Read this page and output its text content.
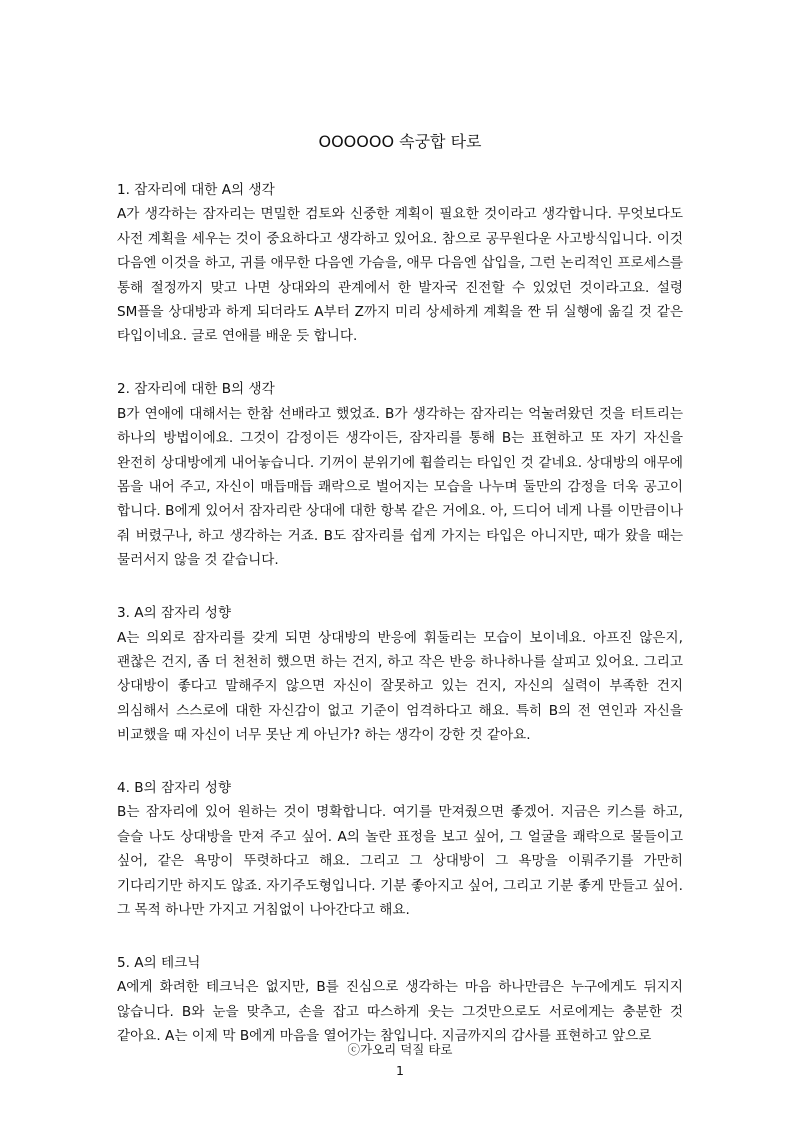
OOOOOO 속궁합 타로

1. 잠자리에 대한 A의 생각

A가 생각하는 잠자리는 면밀한 검토와 신중한 계획이 필요한 것이라고 생각합니다. 무엇보다도 사전 계획을 세우는 것이 중요하다고 생각하고 있어요. 참으로 공무원다운 사고방식입니다. 이것 다음엔 이것을 하고, 귀를 애무한 다음엔 가슴을, 애무 다음엔 삽입을, 그런 논리적인 프로세스를 통해 절정까지 맞고 나면 상대와의 관계에서 한 발자국 진전할 수 있었던 것이라고요. 설령 SM플을 상대방과 하게 되더라도 A부터 Z까지 미리 상세하게 계획을 짠 뒤 실행에 옮길 것 같은 타입이네요. 글로 연애를 배운 듯 합니다.

2. 잠자리에 대한 B의 생각

B가 연애에 대해서는 한참 선배라고 했었죠. B가 생각하는 잠자리는 억눌려왔던 것을 터트리는 하나의 방법이에요. 그것이 감정이든 생각이든, 잠자리를 통해 B는 표현하고 또 자기 자신을 완전히 상대방에게 내어놓습니다. 기꺼이 분위기에 휩쓸리는 타입인 것 같네요. 상대방의 애무에 몸을 내어 주고, 자신이 매듭매듭 쾌락으로 벌어지는 모습을 나누며 둘만의 감정을 더욱 공고이 합니다. B에게 있어서 잠자리란 상대에 대한 항복 같은 거에요. 아, 드디어 네게 나를 이만큼이나 줘 버렸구나, 하고 생각하는 거죠. B도 잠자리를 쉽게 가지는 타입은 아니지만, 때가 왔을 때는 물러서지 않을 것 같습니다.

3. A의 잠자리 성향

A는 의외로 잠자리를 갖게 되면 상대방의 반응에 휘둘리는 모습이 보이네요. 아프진 않은지, 괜찮은 건지, 좀 더 천천히 했으면 하는 건지, 하고 작은 반응 하나하나를 살피고 있어요. 그리고 상대방이 좋다고 말해주지 않으면 자신이 잘못하고 있는 건지, 자신의 실력이 부족한 건지 의심해서 스스로에 대한 자신감이 없고 기준이 엄격하다고 해요. 특히 B의 전 연인과 자신을 비교했을 때 자신이 너무 못난 게 아닌가? 하는 생각이 강한 것 같아요.

4. B의 잠자리 성향

B는 잠자리에 있어 원하는 것이 명확합니다. 여기를 만져줬으면 좋겠어. 지금은 키스를 하고, 슬슬 나도 상대방을 만져 주고 싶어. A의 놀란 표정을 보고 싶어, 그 얼굴을 쾌락으로 물들이고 싶어, 같은 욕망이 뚜렷하다고 해요. 그리고 그 상대방이 그 욕망을 이뤄주기를 가만히 기다리기만 하지도 않죠. 자기주도형입니다. 기분 좋아지고 싶어, 그리고 기분 좋게 만들고 싶어. 그 목적 하나만 가지고 거침없이 나아간다고 해요.

5. A의 테크닉

A에게 화려한 테크닉은 없지만, B를 진심으로 생각하는 마음 하나만큼은 누구에게도 뒤지지 않습니다. B와 눈을 맞추고, 손을 잡고 따스하게 웃는 그것만으로도 서로에게는 충분한 것 같아요. A는 이제 막 B에게 마음을 열어가는 참입니다. 지금까지의 감사를 표현하고 앞으로

ⓒ가오리 덕질 타로
1
